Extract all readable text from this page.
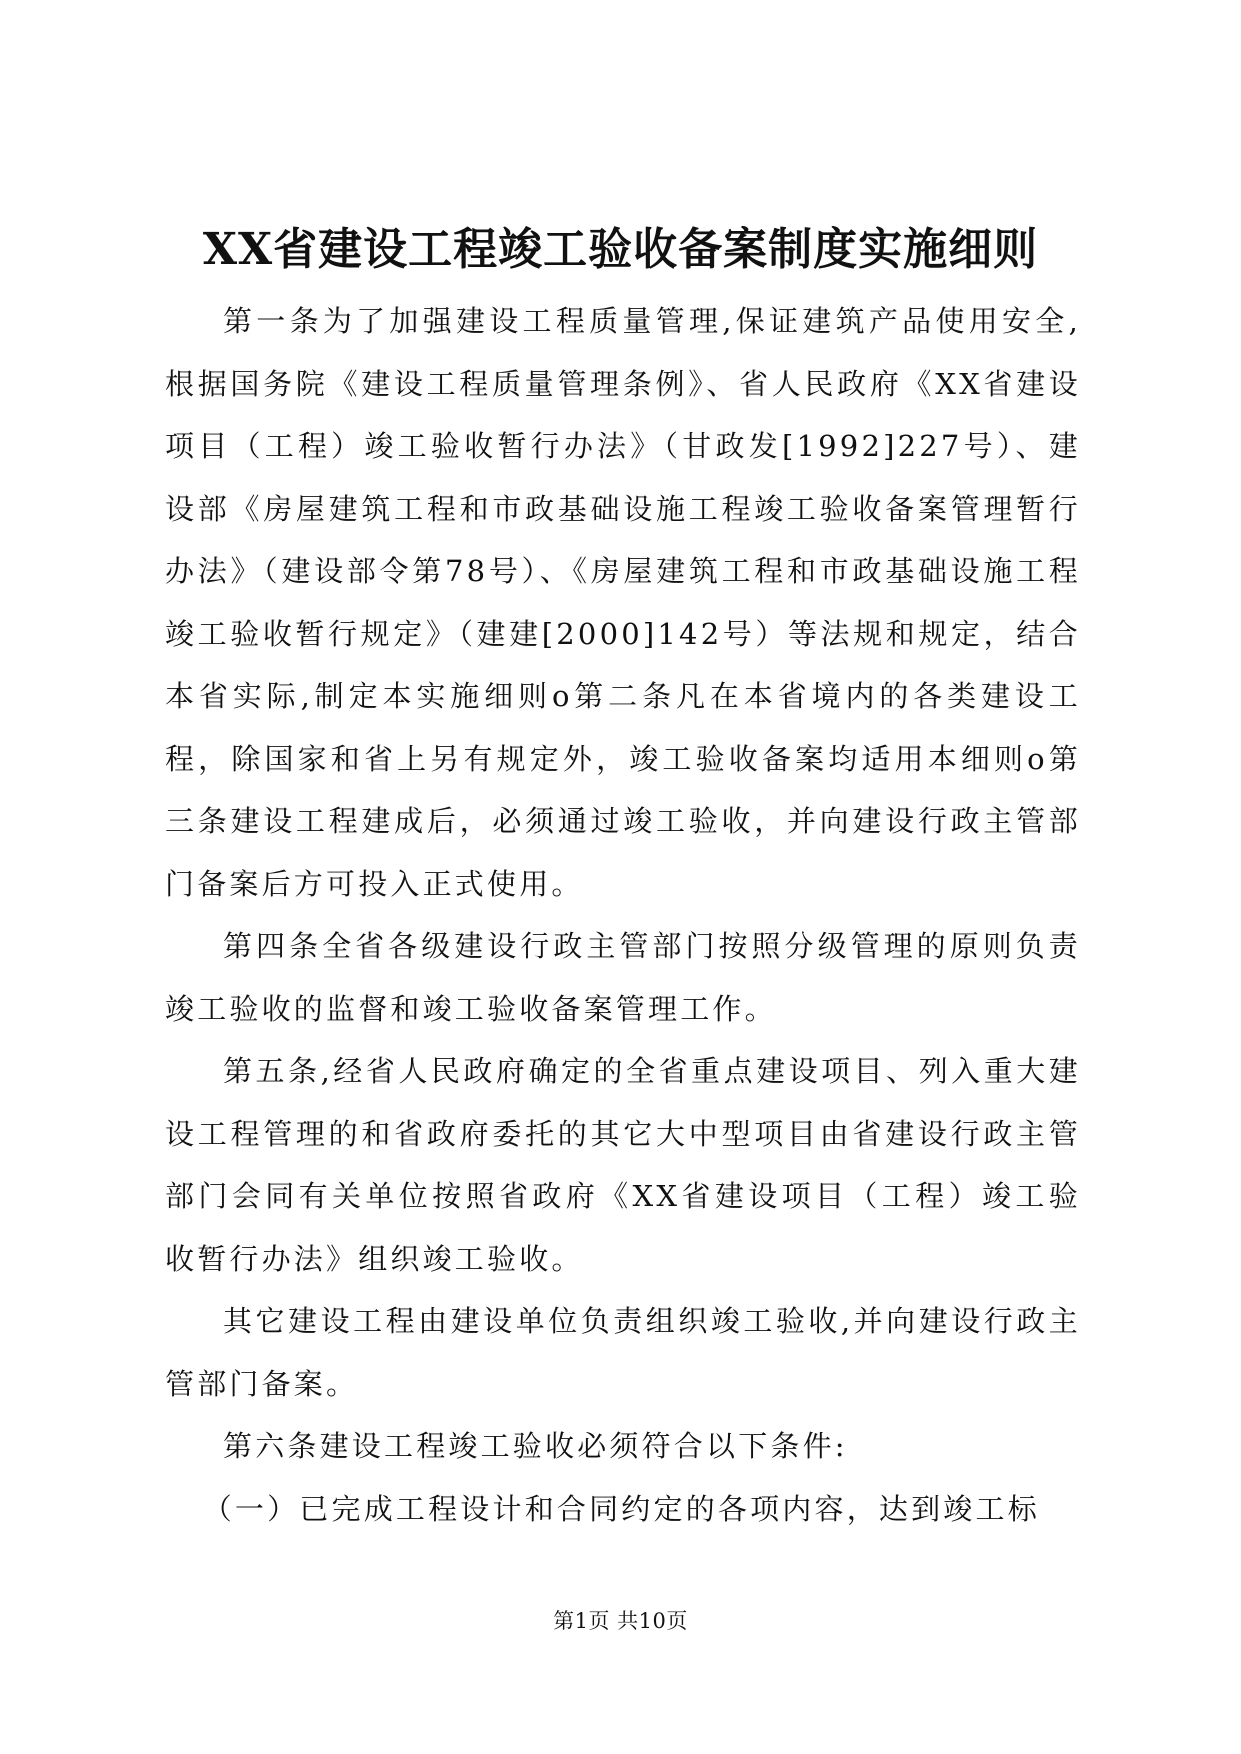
XX省建设工程竣工验收备案制度实施细则

第一条为了加强建设工程质量管理,保证建筑产品使用安全,根据国务院《建设工程质量管理条例》、省人民政府《XX省建设项目（工程）竣工验收暂行办法》（甘政发[1992]227号）、建设部《房屋建筑工程和市政基础设施工程竣工验收备案管理暂行办法》（建设部令第78号）、《房屋建筑工程和市政基础设施工程竣工验收暂行规定》（建建[2000]142号）等法规和规定，结合本省实际,制定本实施细则o第二条凡在本省境内的各类建设工程，除国家和省上另有规定外，竣工验收备案均适用本细则o第三条建设工程建成后，必须通过竣工验收，并向建设行政主管部门备案后方可投入正式使用。

第四条全省各级建设行政主管部门按照分级管理的原则负责竣工验收的监督和竣工验收备案管理工作。

第五条,经省人民政府确定的全省重点建设项目、列入重大建设工程管理的和省政府委托的其它大中型项目由省建设行政主管部门会同有关单位按照省政府《XX省建设项目（工程）竣工验收暂行办法》组织竣工验收。

其它建设工程由建设单位负责组织竣工验收,并向建设行政主管部门备案。

第六条建设工程竣工验收必须符合以下条件:

（一）已完成工程设计和合同约定的各项内容，达到竣工标

第1页 共10页
